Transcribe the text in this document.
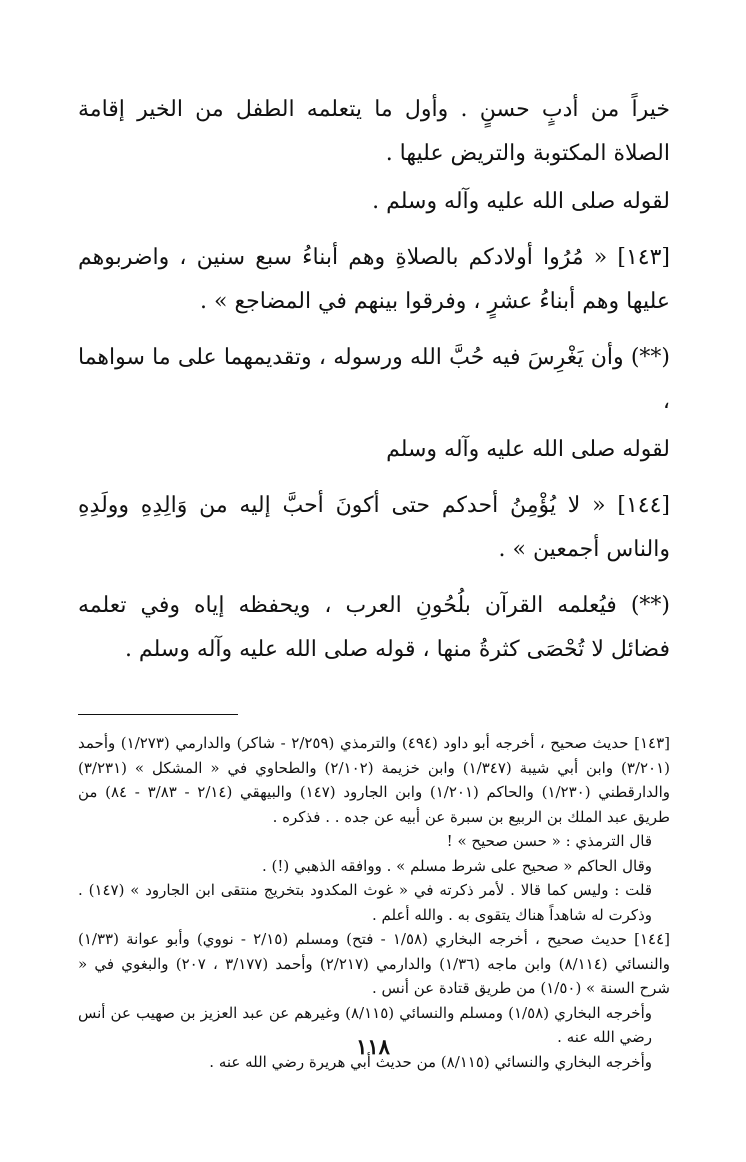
خيراً من أدبٍ حسنٍ . وأول ما يتعلمه الطفل من الخير إقامة الصلاة المكتوبة والتريض عليها .

لقوله صلى الله عليه وآله وسلم .

[١٤٣] « مُرُوا أولادكم بالصلاةِ وهم أبناءُ سبع سنين ، واضربوهم عليها وهم أبناءُ عشرٍ ، وفرقوا بينهم في المضاجع » .

(**) وأن يَغْرِسَ فيه حُبَّ الله ورسوله ، وتقديمهما على ما سواهما ،

لقوله صلى الله عليه وآله وسلم

[١٤٤] « لا يُؤْمِنُ أحدكم حتى أكونَ أحبَّ إليه من وَالِدِهِ وولَدِهِ والناس أجمعين » .

(**) فيُعلمه القرآن بلُحُونِ العرب ، ويحفظه إياه وفي تعلمه فضائل لا تُحْصَى كثرةُ منها ، قوله صلى الله عليه وآله وسلم .

[١٤٣] حديث صحيح ، أخرجه أبو داود (٤٩٤) والترمذي (٢/٢٥٩ - شاكر) والدارمي (١/٢٧٣) وأحمد (٣/٢٠١) وابن أبي شيبة (١/٣٤٧) وابن خزيمة (٢/١٠٢) والطحاوي في « المشكل » (٣/٢٣١) والدارقطني (١/٢٣٠) والحاكم (١/٢٠١) وابن الجارود (١٤٧) والبيهقي (٢/١٤ - ٣/٨٣ - ٨٤) من طريق عبد الملك بن الربيع بن سبرة عن أبيه عن جده . . فذكره .

قال الترمذي : « حسن صحيح » !

وقال الحاكم « صحيح على شرط مسلم » . ووافقه الذهبي (!) .

قلت : وليس كما قالا . لأمر ذكرته في « غوث المكدود بتخريج منتقى ابن الجارود » (١٤٧) . وذكرت له شاهداً هناك يتقوى به . والله أعلم .

[١٤٤] حديث صحيح ، أخرجه البخاري (١/٥٨ - فتح) ومسلم (٢/١٥ - نووي) وأبو عوانة (١/٣٣) والنسائي (٨/١١٤) وابن ماجه (١/٣٦) والدارمي (٢/٢١٧) وأحمد (٣/١٧٧ ، ٢٠٧) والبغوي في « شرح السنة » (١/٥٠) من طريق قتادة عن أنس .

وأخرجه البخاري (١/٥٨) ومسلم والنسائي (٨/١١٥) وغيرهم عن عبد العزيز بن صهيب عن أنس رضي الله عنه .

وأخرجه البخاري والنسائي (٨/١١٥) من حديث أبي هريرة رضي الله عنه .

١١٨
